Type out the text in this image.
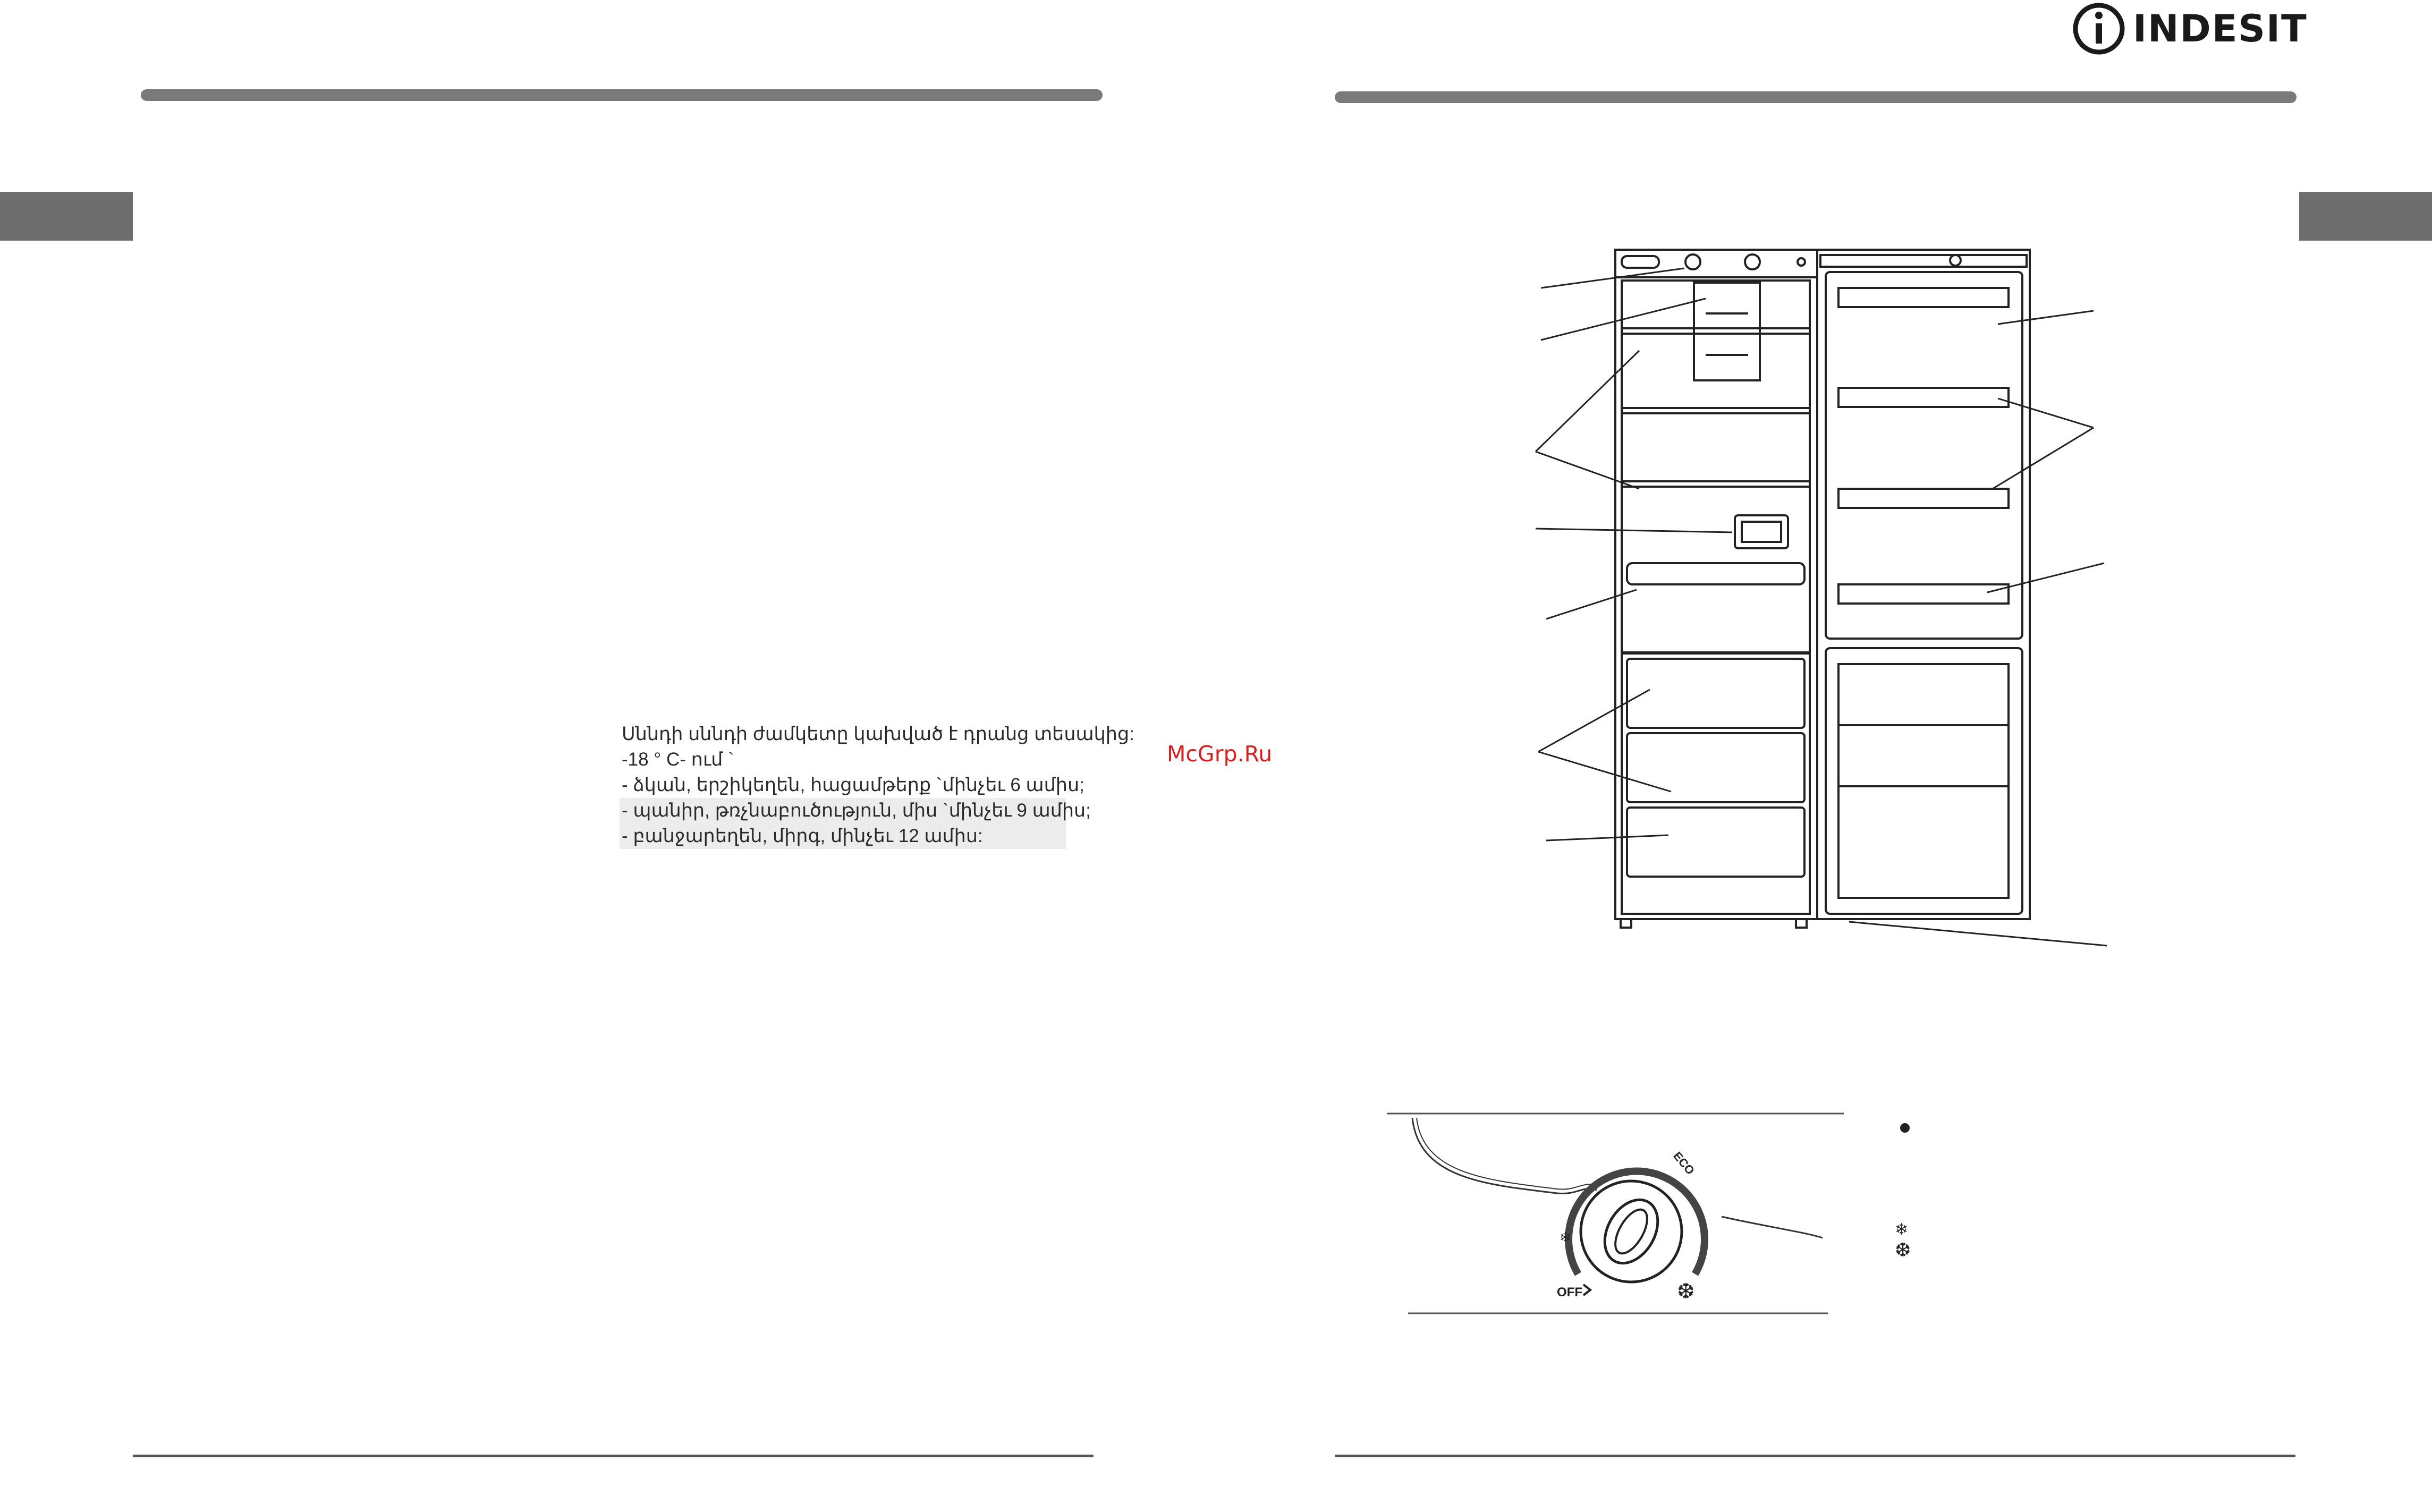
INDESIT
Սննդի սննդի ժամկետը կախված է դրանց տեսակից:
-18 ° C- ում `
- ձկան, երշիկեղեն, հացամթերք `մինչեւ 6 ամիս;
- պանիր, թռչնաբուծություն, միս `մինչեւ 9 ամիս;
- բանջարեղեն, միրգ, մինչեւ 12 ամիս:
McGrp.Ru
ECO
OFF
❄
❆
❄
❆
